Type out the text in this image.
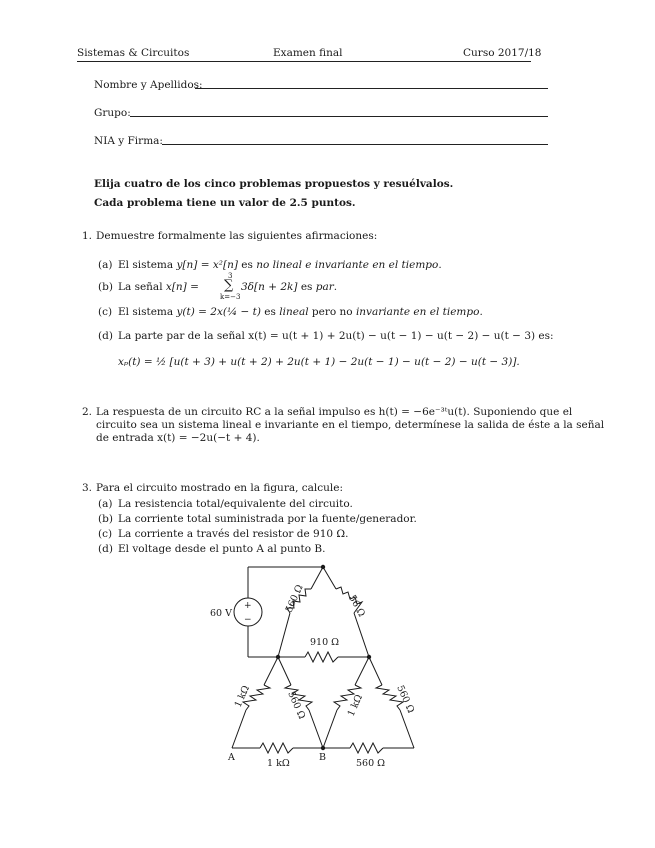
Sistemas & Circuitos	Examen final	Curso 2017/18
Nombre y Apellidos:
Grupo:
NIA y Firma:
Elija cuatro de los cinco problemas propuestos y resuélvalos.
Cada problema tiene un valor de 2.5 puntos.
1. Demuestre formalmente las siguientes afirmaciones:
(a) El sistema y[n] = x²[n] es no lineal e invariante en el tiempo.
(b) La señal x[n] =
3
∑
k=−3
3δ[n + 2k] es par.
(c) El sistema y(t) = 2x(¼ − t) es lineal pero no invariante en el tiempo.
(d) La parte par de la señal x(t) = u(t + 1) + 2u(t) − u(t − 1) − u(t − 2) − u(t − 3) es:
xₚ(t) = ½ [u(t + 3) + u(t + 2) + 2u(t + 1) − 2u(t − 1) − u(t − 2) − u(t − 3)].
2. La respuesta de un circuito RC a la señal impulso es h(t) = −6e⁻³ᵗu(t). Suponiendo que el
circuito sea un sistema lineal e invariante en el tiempo, determínese la salida de éste a la señal
de entrada x(t) = −2u(−t + 4).
3. Para el circuito mostrado en la figura, calcule:
(a) La resistencia total/equivalente del circuito.
(b) La corriente total suministrada por la fuente/generador.
(c) La corriente a través del resistor de 910 Ω.
(d) El voltage desde el punto A al punto B.
60 V
+
−
560 Ω	56 Ω
910 Ω
1 kΩ	560 Ω	1 kΩ	560 Ω
1 kΩ	560 Ω
A	B
